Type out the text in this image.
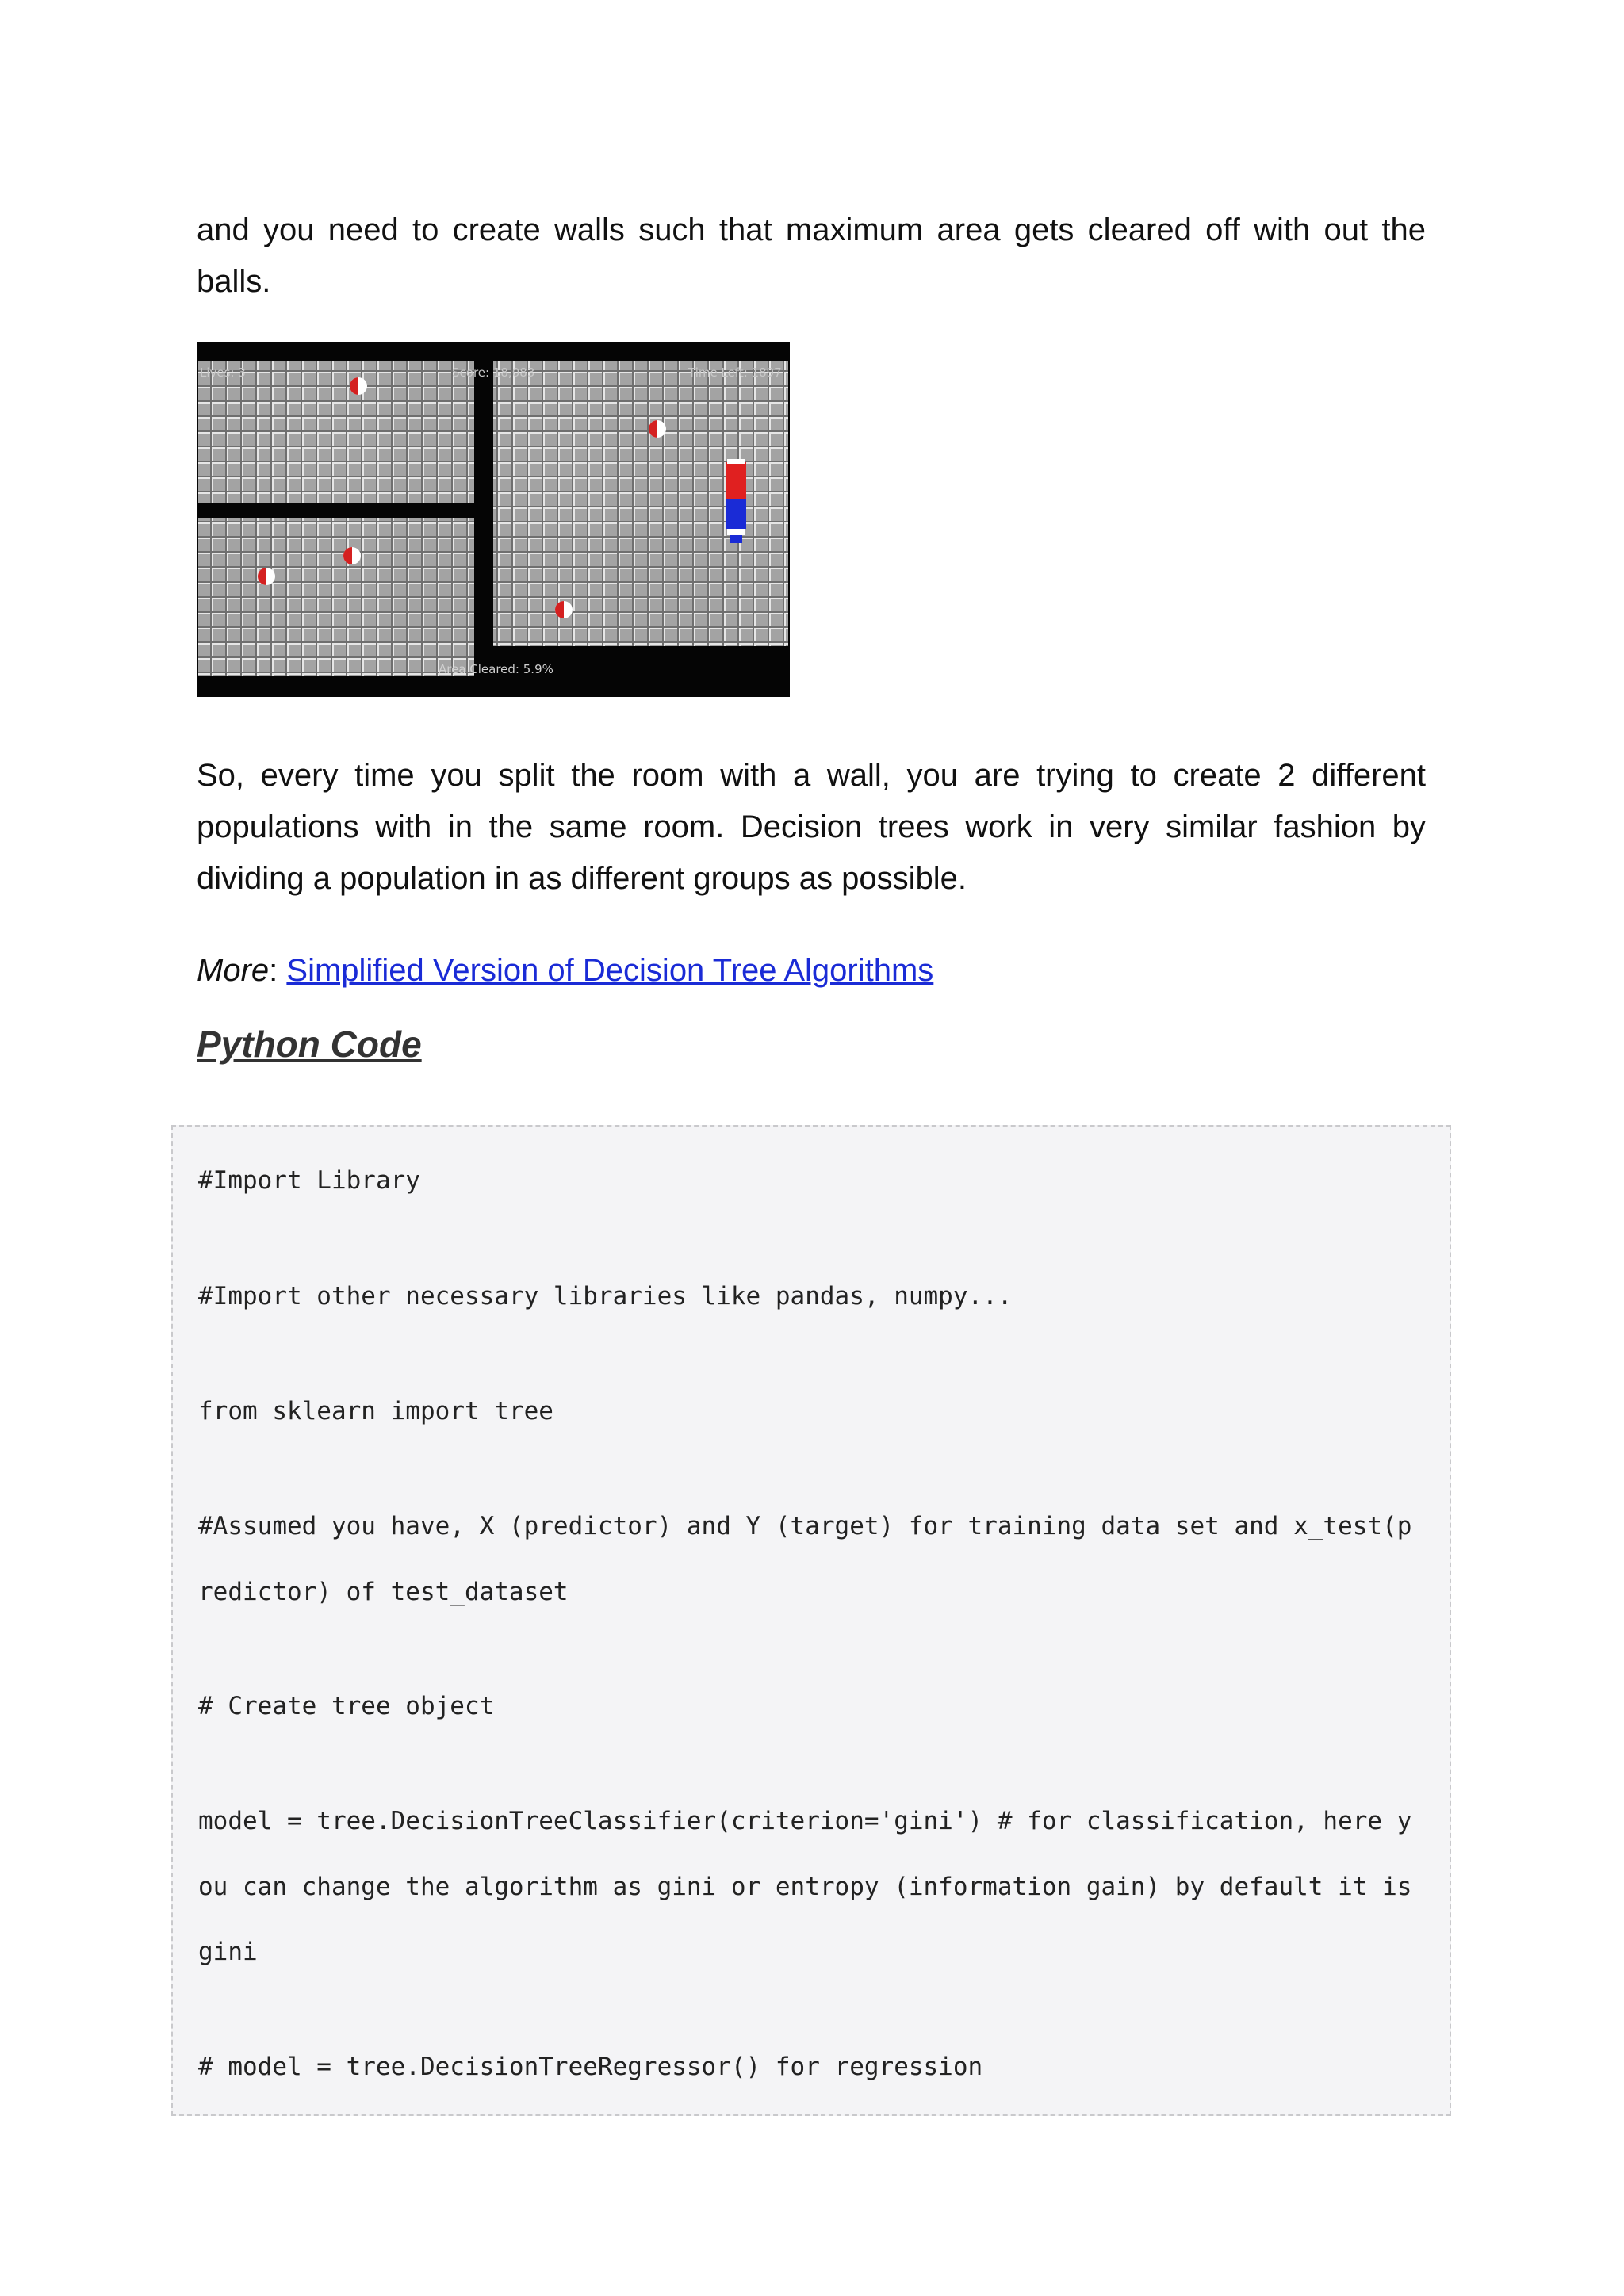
and you need to create walls such that maximum area gets cleared off with out the balls.

Lives: 3	Score: 18,083	Time Left: 1897
Area Cleared: 5.9%

So, every time you split the room with a wall, you are trying to create 2 different populations with in the same room. Decision trees work in very similar fashion by dividing a population in as different groups as possible.

More: Simplified Version of Decision Tree Algorithms

Python Code
#Import Library
#Import other necessary libraries like pandas, numpy...
from sklearn import tree
#Assumed you have, X (predictor) and Y (target) for training data set and x_test(p
redictor) of test_dataset
# Create tree object
model = tree.DecisionTreeClassifier(criterion='gini') # for classification, here y
ou can change the algorithm as gini or entropy (information gain) by default it is
gini
# model = tree.DecisionTreeRegressor() for regression
